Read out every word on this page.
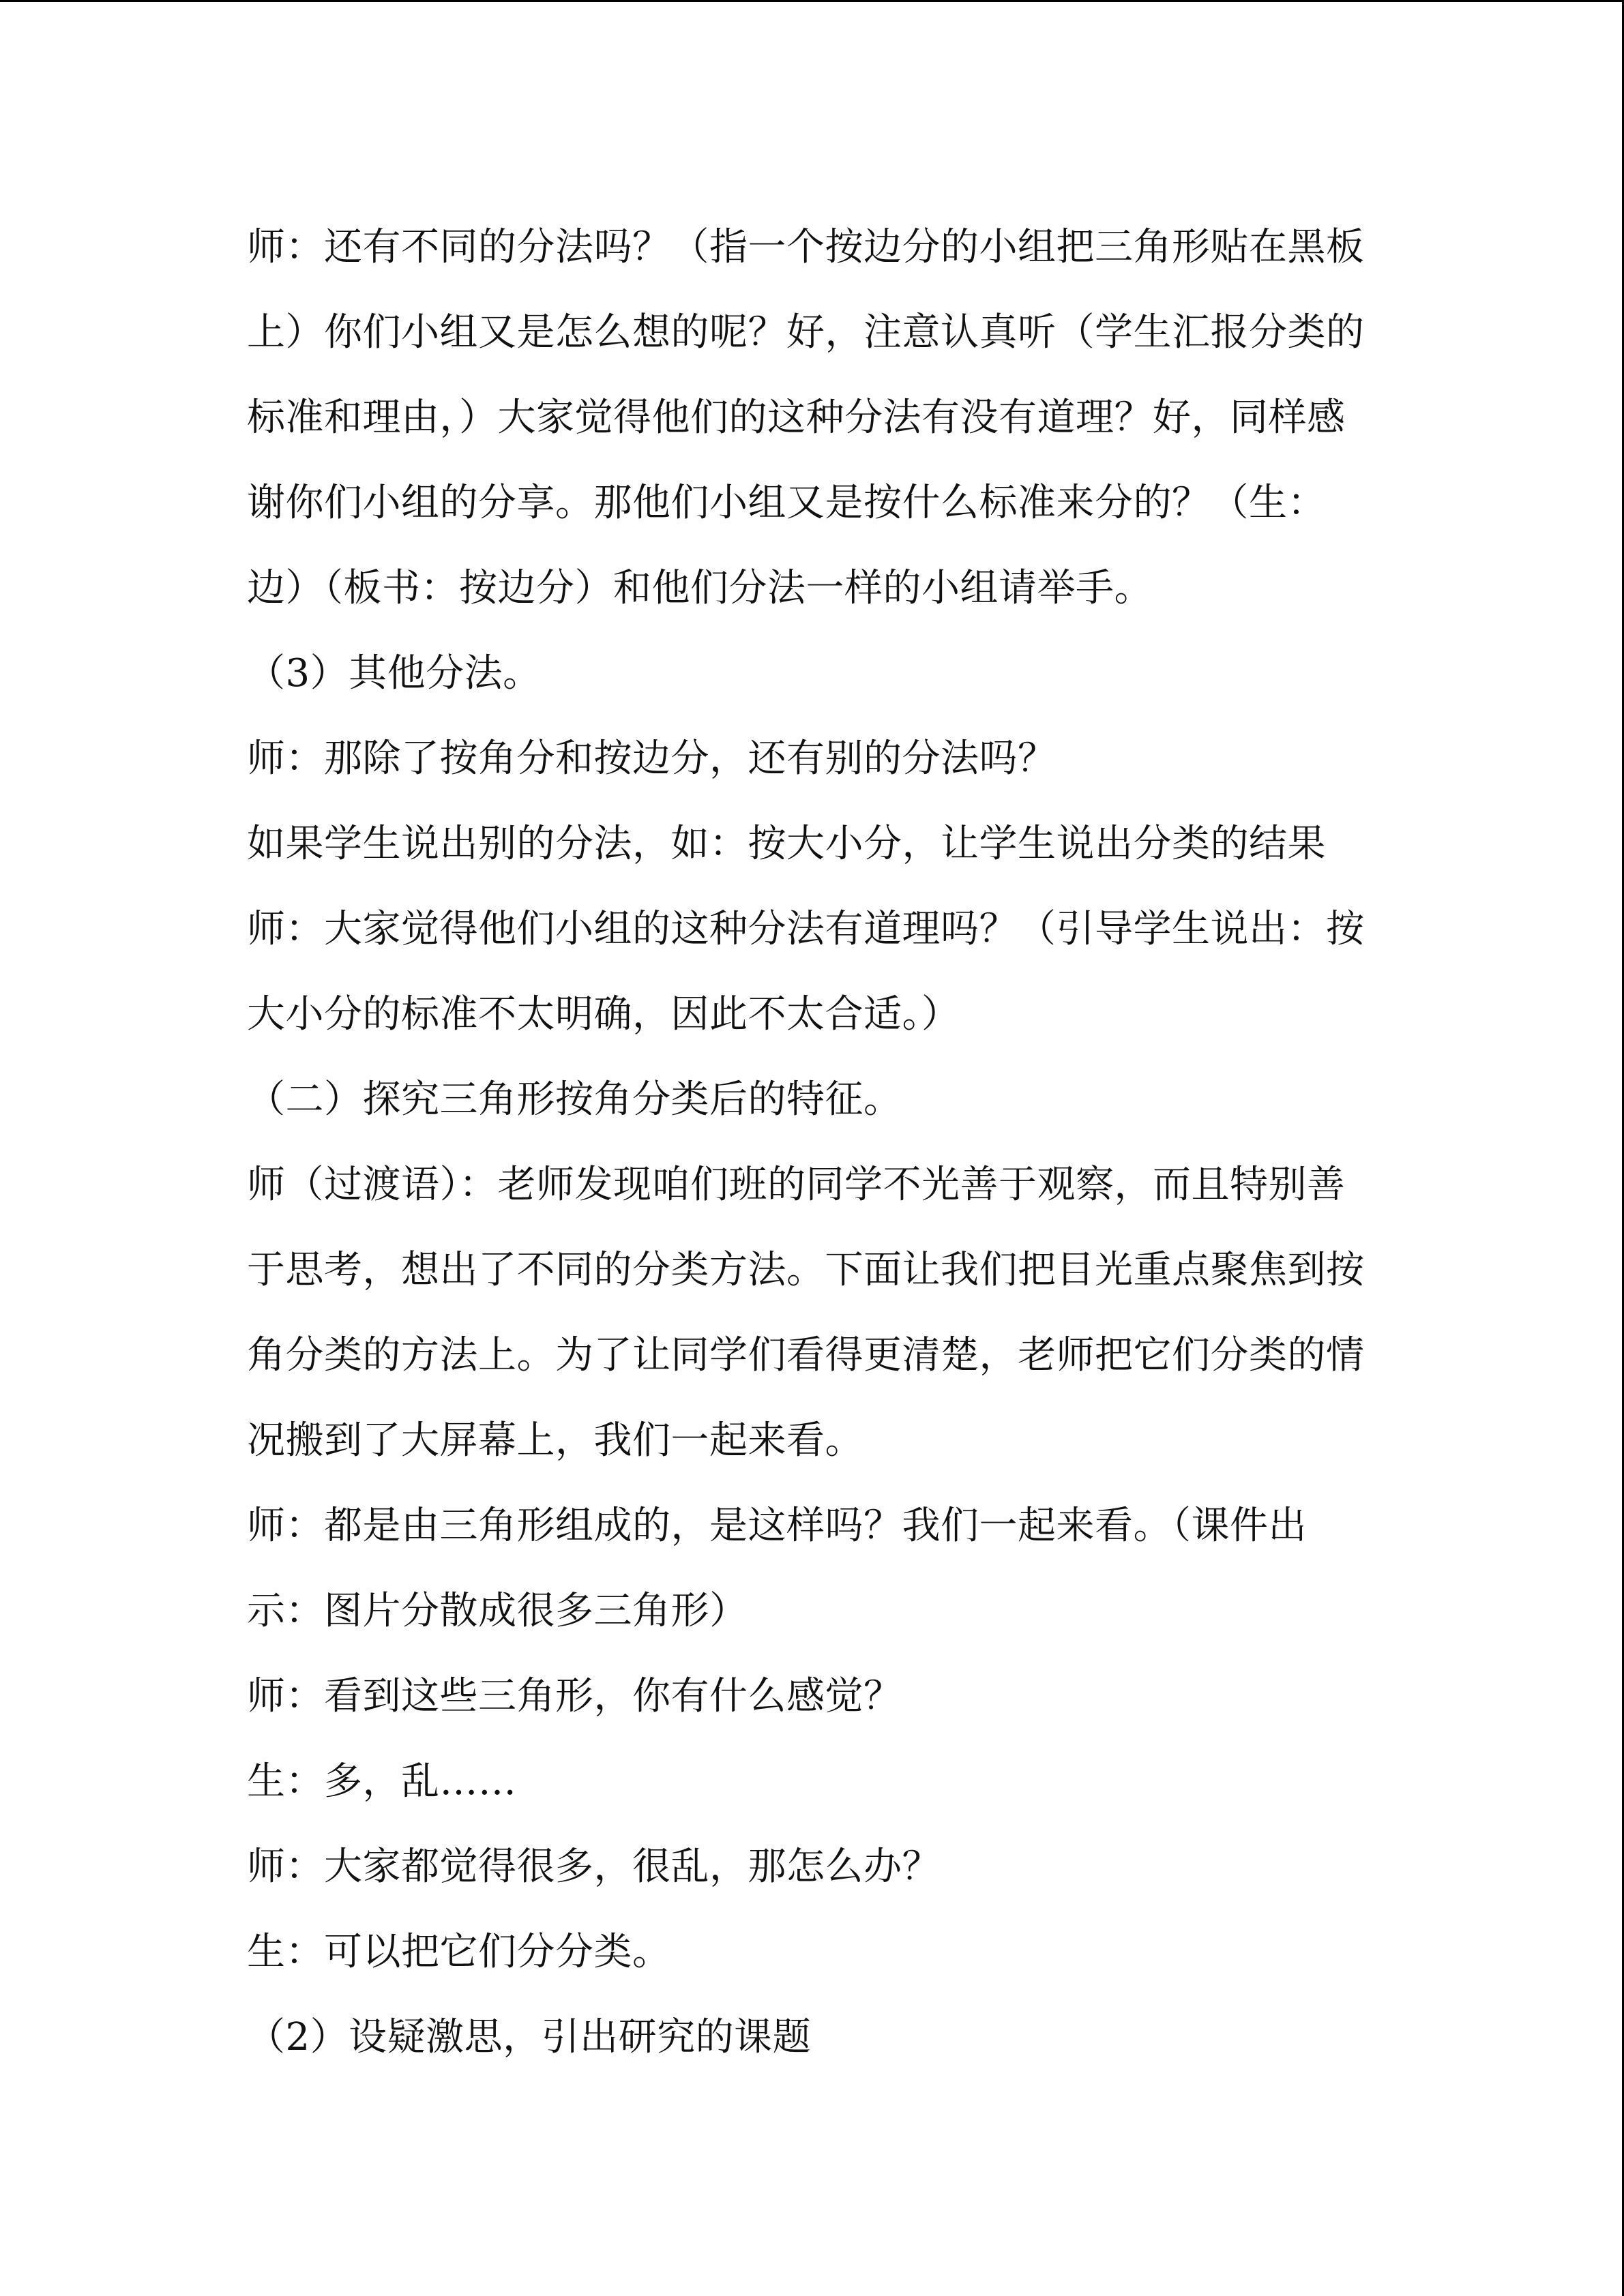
师：还有不同的分法吗？（指一个按边分的小组把三角形贴在黑板
上）你们小组又是怎么想的呢？好，注意认真听（学生汇报分类的
标准和理由，）大家觉得他们的这种分法有没有道理？好，同样感
谢你们小组的分享。那他们小组又是按什么标准来分的？（生：
边）（板书：按边分）和他们分法一样的小组请举手。
（3）其他分法。
师：那除了按角分和按边分，还有别的分法吗？
如果学生说出别的分法，如：按大小分，让学生说出分类的结果
师：大家觉得他们小组的这种分法有道理吗？（引导学生说出：按
大小分的标准不太明确，因此不太合适。）
（二）探究三角形按角分类后的特征。
师（过渡语）：老师发现咱们班的同学不光善于观察，而且特别善
于思考，想出了不同的分类方法。下面让我们把目光重点聚焦到按
角分类的方法上。为了让同学们看得更清楚，老师把它们分类的情
况搬到了大屏幕上，我们一起来看。
师：都是由三角形组成的，是这样吗？我们一起来看。（课件出
示：图片分散成很多三角形）
师：看到这些三角形，你有什么感觉？
生：多，乱……
师：大家都觉得很多，很乱，那怎么办？
生：可以把它们分分类。
（2）设疑激思，引出研究的课题
